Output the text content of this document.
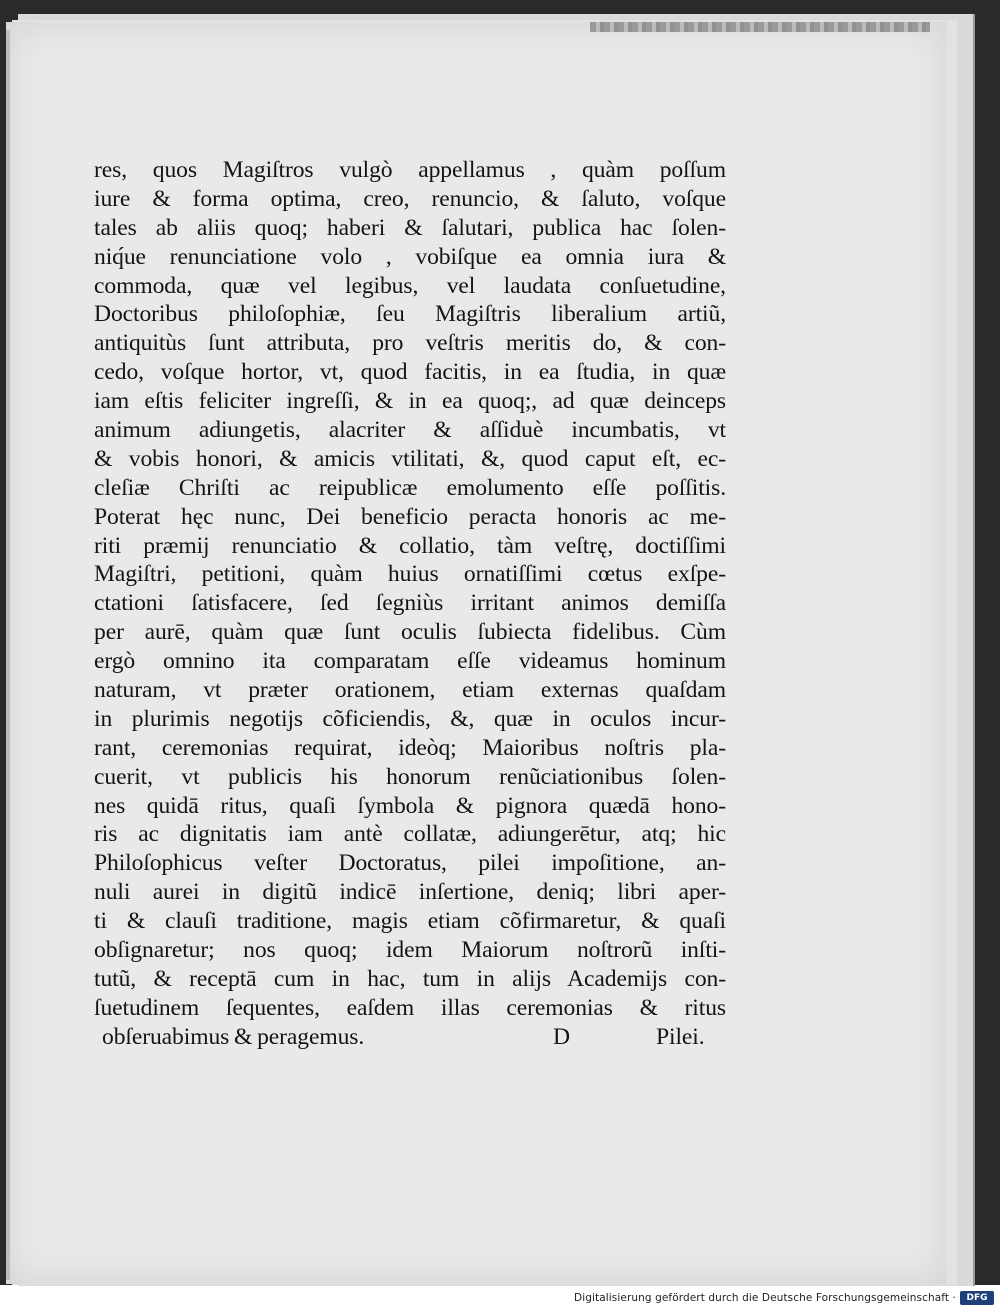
res, quos Magiſtros vulgò appellamus , quàm poſſum
iure & forma optima, creo, renuncio, & ſaluto, voſque
tales ab aliis quoq; haberi & ſalutari, publica hac ſolen-
niq́ue renunciatione volo , vobiſque ea omnia iura &
commoda, quæ vel legibus, vel laudata conſuetudine,
Doctoribus philoſophiæ, ſeu Magiſtris liberalium artiũ,
antiquitùs ſunt attributa, pro veſtris meritis do, & con-
cedo, voſque hortor, vt, quod facitis, in ea ſtudia, in quæ
iam eſtis feliciter ingreſſi, & in ea quoq;, ad quæ deinceps
animum adiungetis, alacriter & aſſiduè incumbatis, vt
& vobis honori, & amicis vtilitati, &, quod caput eſt, ec-
cleſiæ Chriſti ac reipublicæ emolumento eſſe poſſitis.
Poterat hęc nunc, Dei beneficio peracta honoris ac me-
riti præmij renunciatio & collatio, tàm veſtrę, doctiſſimi
Magiſtri, petitioni, quàm huius ornatiſſimi cœtus exſpe-
ctationi ſatisfacere, ſed ſegniùs irritant animos demiſſa
per aurē, quàm quæ ſunt oculis ſubiecta fidelibus. Cùm
ergò omnino ita comparatam eſſe videamus hominum
naturam, vt præter orationem, etiam externas quaſdam
in plurimis negotijs cõficiendis, &, quæ in oculos incur-
rant, ceremonias requirat, ideòq; Maioribus noſtris pla-
cuerit, vt publicis his honorum renũciationibus ſolen-
nes quidā ritus, quaſi ſymbola & pignora quædā hono-
ris ac dignitatis iam antè collatæ, adiungerētur, atq; hic
Philoſophicus veſter Doctoratus, pilei impoſitione, an-
nuli aurei in digitũ indicē inſertione, deniq; libri aper-
ti & clauſi traditione, magis etiam cõfirmaretur, & quaſi
obſignaretur; nos quoq; idem Maiorum noſtrorũ inſti-
tutũ, & receptā cum in hac, tum in alijs Academijs con-
ſuetudinem ſequentes, eaſdem illas ceremonias & ritus
obſeruabimus & peragemus.	D	Pilei.
Digitalisierung gefördert durch die Deutsche Forschungsgemeinschaft ·	DFG
